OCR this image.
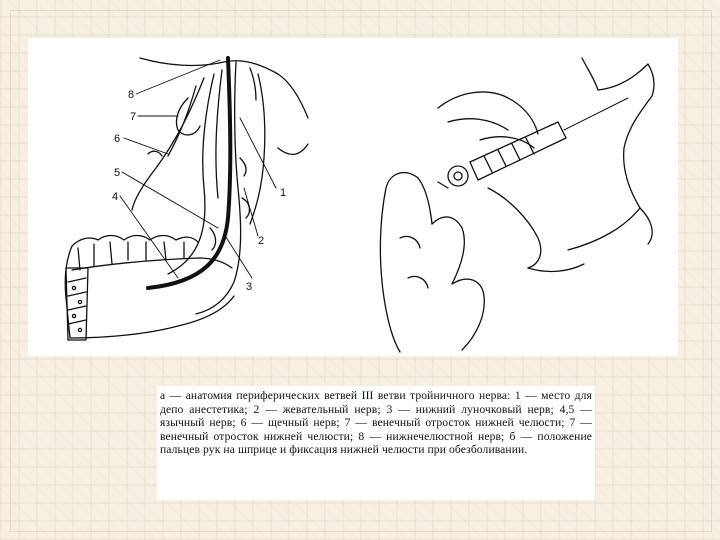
8
7
6
5
4	1
2
3
а — анатомия периферических ветвей III ветви тройничного нерва: 1 — место для депо анестетика; 2 — жевательный нерв; 3 — нижний луночковый нерв; 4,5 — язычный нерв; 6 — щечный нерв; 7 — венечный отросток нижней челюсти; 7 — венечный отросток нижней челюсти; 8 — нижнечелюстной нерв; б — положение пальцев рук на шприце и фиксация нижней челюсти при обезболивании.
